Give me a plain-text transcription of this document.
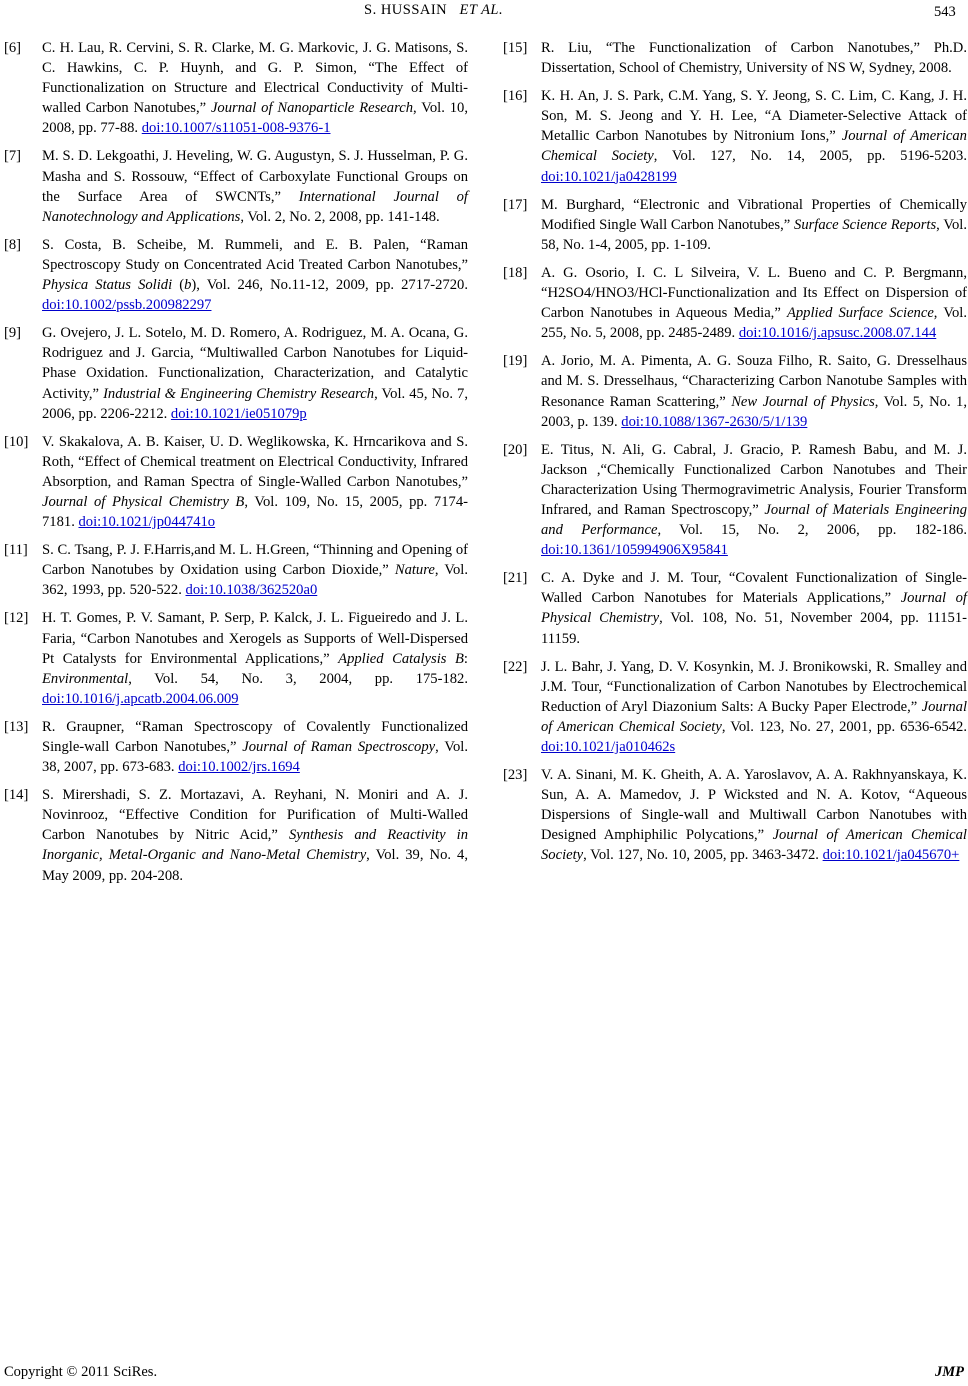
S. HUSSAIN ET AL.	543
[6]	C. H. Lau, R. Cervini, S. R. Clarke, M. G. Markovic, J. G. Matisons, S. C. Hawkins, C. P. Huynh, and G. P. Simon, “The Effect of Functionalization on Structure and Electrical Conductivity of Multi-walled Carbon Nanotubes,” Journal of Nanoparticle Research, Vol. 10, 2008, pp. 77-88. doi:10.1007/s11051-008-9376-1
[7]	M. S. D. Lekgoathi, J. Heveling, W. G. Augustyn, S. J. Husselman, P. G. Masha and S. Rossouw, “Effect of Carboxylate Functional Groups on the Surface Area of SWCNTs,” International Journal of Nanotechnology and Applications, Vol. 2, No. 2, 2008, pp. 141-148.
[8]	S. Costa, B. Scheibe, M. Rummeli, and E. B. Palen, “Raman Spectroscopy Study on Concentrated Acid Treated Carbon Nanotubes,” Physica Status Solidi (b), Vol. 246, No.11-12, 2009, pp. 2717-2720. doi:10.1002/pssb.200982297
[9]	G. Ovejero, J. L. Sotelo, M. D. Romero, A. Rodriguez, M. A. Ocana, G. Rodriguez and J. Garcia, “Multiwalled Carbon Nanotubes for Liquid-Phase Oxidation. Functionalization, Characterization, and Catalytic Activity,” Industrial & Engineering Chemistry Research, Vol. 45, No. 7, 2006, pp. 2206-2212. doi:10.1021/ie051079p
[10] V. Skakalova, A. B. Kaiser, U. D. Weglikowska, K. Hrncarikova and S. Roth, “Effect of Chemical treatment on Electrical Conductivity, Infrared Absorption, and Raman Spectra of Single-Walled Carbon Nanotubes,” Journal of Physical Chemistry B, Vol. 109, No. 15, 2005, pp. 7174-7181. doi:10.1021/jp044741o
[11] S. C. Tsang, P. J. F.Harris,and M. L. H.Green, “Thinning and Opening of Carbon Nanotubes by Oxidation using Carbon Dioxide,” Nature, Vol. 362, 1993, pp. 520-522. doi:10.1038/362520a0
[12] H. T. Gomes, P. V. Samant, P. Serp, P. Kalck, J. L. Figueiredo and J. L. Faria, “Carbon Nanotubes and Xerogels as Supports of Well-Dispersed Pt Catalysts for Environmental Applications,” Applied Catalysis B: Environmental, Vol. 54, No. 3, 2004, pp. 175-182. doi:10.1016/j.apcatb.2004.06.009
[13] R. Graupner, “Raman Spectroscopy of Covalently Functionalized Single-wall Carbon Nanotubes,” Journal of Raman Spectroscopy, Vol. 38, 2007, pp. 673-683. doi:10.1002/jrs.1694
[14] S. Mirershadi, S. Z. Mortazavi, A. Reyhani, N. Moniri and A. J. Novinrooz, “Effective Condition for Purification of Multi-Walled Carbon Nanotubes by Nitric Acid,” Synthesis and Reactivity in Inorganic, Metal-Organic and Nano-Metal Chemistry, Vol. 39, No. 4, May 2009, pp. 204-208.
[15] R. Liu, “The Functionalization of Carbon Nanotubes,” Ph.D. Dissertation, School of Chemistry, University of NS W, Sydney, 2008.
[16] K. H. An, J. S. Park, C.M. Yang, S. Y. Jeong, S. C. Lim, C. Kang, J. H. Son, M. S. Jeong and Y. H. Lee, “A Diameter-Selective Attack of Metallic Carbon Nanotubes by Nitronium Ions,” Journal of American Chemical Society, Vol. 127, No. 14, 2005, pp. 5196-5203. doi:10.1021/ja0428199
[17] M. Burghard, “Electronic and Vibrational Properties of Chemically Modified Single Wall Carbon Nanotubes,” Surface Science Reports, Vol. 58, No. 1-4, 2005, pp. 1-109.
[18] A. G. Osorio, I. C. L Silveira, V. L. Bueno and C. P. Bergmann, “H2SO4/HNO3/HCl-Functionalization and Its Effect on Dispersion of Carbon Nanotubes in Aqueous Media,” Applied Surface Science, Vol. 255, No. 5, 2008, pp. 2485-2489. doi:10.1016/j.apsusc.2008.07.144
[19] A. Jorio, M. A. Pimenta, A. G. Souza Filho, R. Saito, G. Dresselhaus and M. S. Dresselhaus, “Characterizing Carbon Nanotube Samples with Resonance Raman Scattering,” New Journal of Physics, Vol. 5, No. 1, 2003, p. 139. doi:10.1088/1367-2630/5/1/139
[20] E. Titus, N. Ali, G. Cabral, J. Gracio, P. Ramesh Babu, and M. J. Jackson ,“Chemically Functionalized Carbon Nanotubes and Their Characterization Using Thermogravimetric Analysis, Fourier Transform Infrared, and Raman Spectroscopy,” Journal of Materials Engineering and Performance, Vol. 15, No. 2, 2006, pp. 182-186. doi:10.1361/105994906X95841
[21] C. A. Dyke and J. M. Tour, “Covalent Functionalization of Single-Walled Carbon Nanotubes for Materials Applications,” Journal of Physical Chemistry, Vol. 108, No. 51, November 2004, pp. 11151-11159.
[22] J. L. Bahr, J. Yang, D. V. Kosynkin, M. J. Bronikowski, R. Smalley and J.M. Tour, “Functionalization of Carbon Nanotubes by Electrochemical Reduction of Aryl Diazonium Salts: A Bucky Paper Electrode,” Journal of American Chemical Society, Vol. 123, No. 27, 2001, pp. 6536-6542. doi:10.1021/ja010462s
[23] V. A. Sinani, M. K. Gheith, A. A. Yaroslavov, A. A. Rakhnyanskaya, K. Sun, A. A. Mamedov, J. P Wicksted and N. A. Kotov, “Aqueous Dispersions of Single-wall and Multiwall Carbon Nanotubes with Designed Amphiphilic Polycations,” Journal of American Chemical Society, Vol. 127, No. 10, 2005, pp. 3463-3472. doi:10.1021/ja045670+
Copyright © 2011 SciRes.	JMP
